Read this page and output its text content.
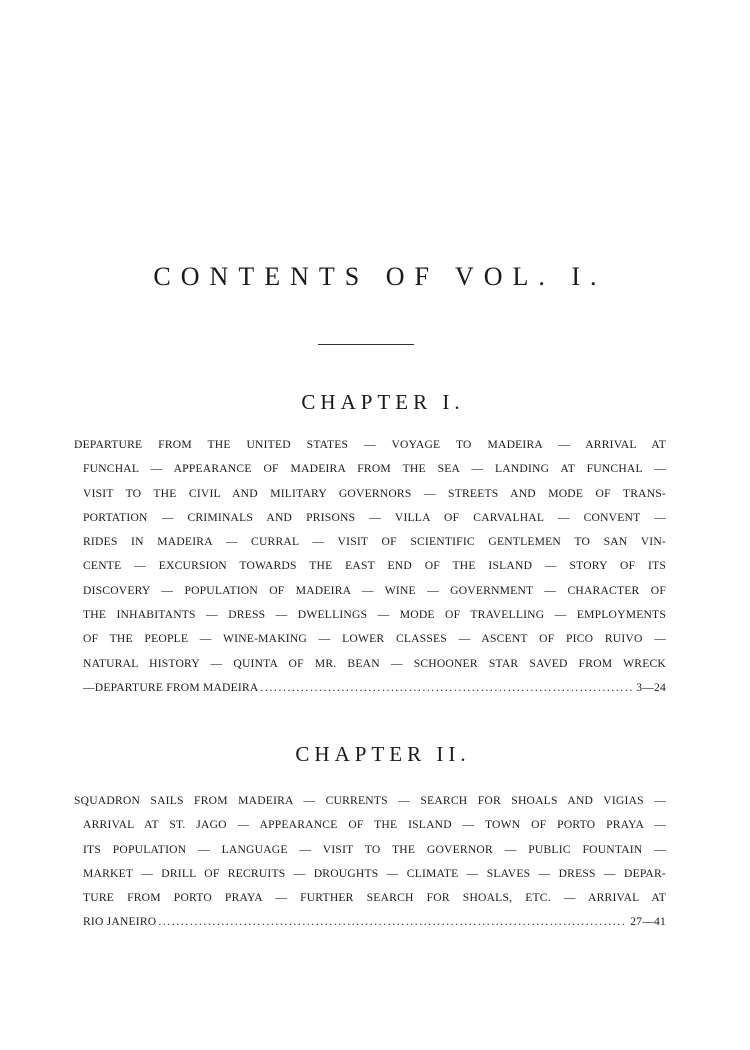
CONTENTS OF VOL. I.
CHAPTER I.
DEPARTURE FROM THE UNITED STATES — VOYAGE TO MADEIRA — ARRIVAL AT
FUNCHAL — APPEARANCE OF MADEIRA FROM THE SEA — LANDING AT FUNCHAL —
VISIT TO THE CIVIL AND MILITARY GOVERNORS — STREETS AND MODE OF TRANS-
PORTATION — CRIMINALS AND PRISONS — VILLA OF CARVALHAL — CONVENT —
RIDES IN MADEIRA — CURRAL — VISIT OF SCIENTIFIC GENTLEMEN TO SAN VIN-
CENTE — EXCURSION TOWARDS THE EAST END OF THE ISLAND — STORY OF ITS
DISCOVERY — POPULATION OF MADEIRA — WINE — GOVERNMENT — CHARACTER OF
THE INHABITANTS — DRESS — DWELLINGS — MODE OF TRAVELLING — EMPLOYMENTS
OF THE PEOPLE — WINE-MAKING — LOWER CLASSES — ASCENT OF PICO RUIVO —
NATURAL HISTORY — QUINTA OF MR. BEAN — SCHOONER STAR SAVED FROM WRECK
—DEPARTURE FROM MADEIRA .....	3—24
CHAPTER II.
SQUADRON SAILS FROM MADEIRA — CURRENTS — SEARCH FOR SHOALS AND VIGIAS —
ARRIVAL AT ST. JAGO — APPEARANCE OF THE ISLAND — TOWN OF PORTO PRAYA —
ITS POPULATION — LANGUAGE — VISIT TO THE GOVERNOR — PUBLIC FOUNTAIN —
MARKET — DRILL OF RECRUITS — DROUGHTS — CLIMATE — SLAVES — DRESS — DEPAR-
TURE FROM PORTO PRAYA — FURTHER SEARCH FOR SHOALS, ETC. — ARRIVAL AT
RIO JANEIRO .....	27—41
